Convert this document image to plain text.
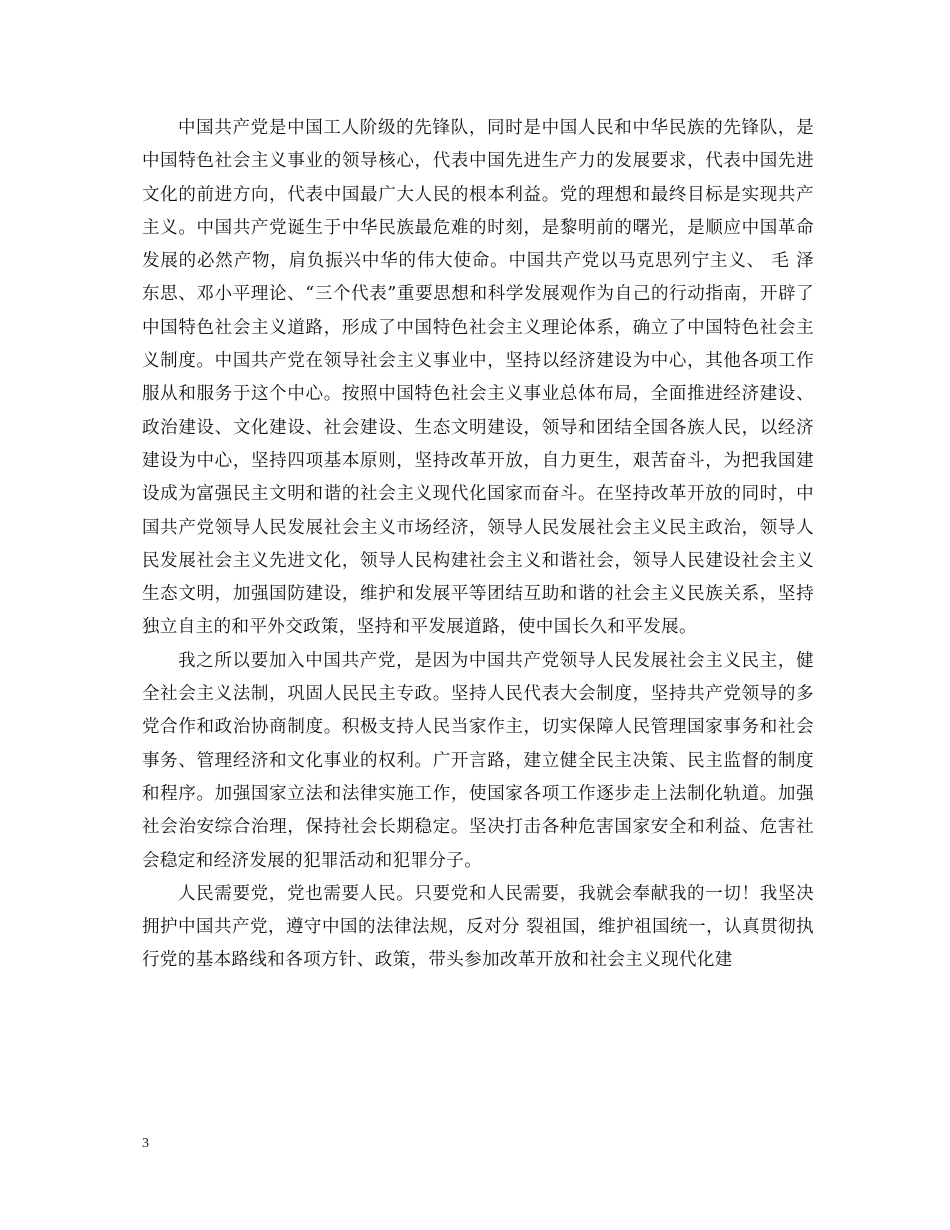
中国共产党是中国工人阶级的先锋队，同时是中国人民和中华民族的先锋队，是中国特色社会主义事业的领导核心，代表中国先进生产力的发展要求，代表中国先进文化的前进方向，代表中国最广大人民的根本利益。党的理想和最终目标是实现共产主义。中国共产党诞生于中华民族最危难的时刻，是黎明前的曙光，是顺应中国革命发展的必然产物，肩负振兴中华的伟大使命。中国共产党以马克思列宁主义、 毛 泽 东思、邓小平理论、“三个代表”重要思想和科学发展观作为自己的行动指南，开辟了中国特色社会主义道路，形成了中国特色社会主义理论体系，确立了中国特色社会主义制度。中国共产党在领导社会主义事业中，坚持以经济建设为中心，其他各项工作服从和服务于这个中心。按照中国特色社会主义事业总体布局，全面推进经济建设、政治建设、文化建设、社会建设、生态文明建设，领导和团结全国各族人民，以经济建设为中心，坚持四项基本原则，坚持改革开放，自力更生，艰苦奋斗，为把我国建设成为富强民主文明和谐的社会主义现代化国家而奋斗。在坚持改革开放的同时，中国共产党领导人民发展社会主义市场经济，领导人民发展社会主义民主政治，领导人民发展社会主义先进文化，领导人民构建社会主义和谐社会，领导人民建设社会主义生态文明，加强国防建设，维护和发展平等团结互助和谐的社会主义民族关系，坚持独立自主的和平外交政策，坚持和平发展道路，使中国长久和平发展。

我之所以要加入中国共产党，是因为中国共产党领导人民发展社会主义民主，健全社会主义法制，巩固人民民主专政。坚持人民代表大会制度，坚持共产党领导的多党合作和政治协商制度。积极支持人民当家作主，切实保障人民管理国家事务和社会事务、管理经济和文化事业的权利。广开言路，建立健全民主决策、民主监督的制度和程序。加强国家立法和法律实施工作，使国家各项工作逐步走上法制化轨道。加强社会治安综合治理，保持社会长期稳定。坚决打击各种危害国家安全和利益、危害社会稳定和经济发展的犯罪活动和犯罪分子。

人民需要党，党也需要人民。只要党和人民需要，我就会奉献我的一切！我坚决拥护中国共产党，遵守中国的法律法规，反对分 裂祖国，维护祖国统一，认真贯彻执行党的基本路线和各项方针、政策，带头参加改革开放和社会主义现代化建

3
